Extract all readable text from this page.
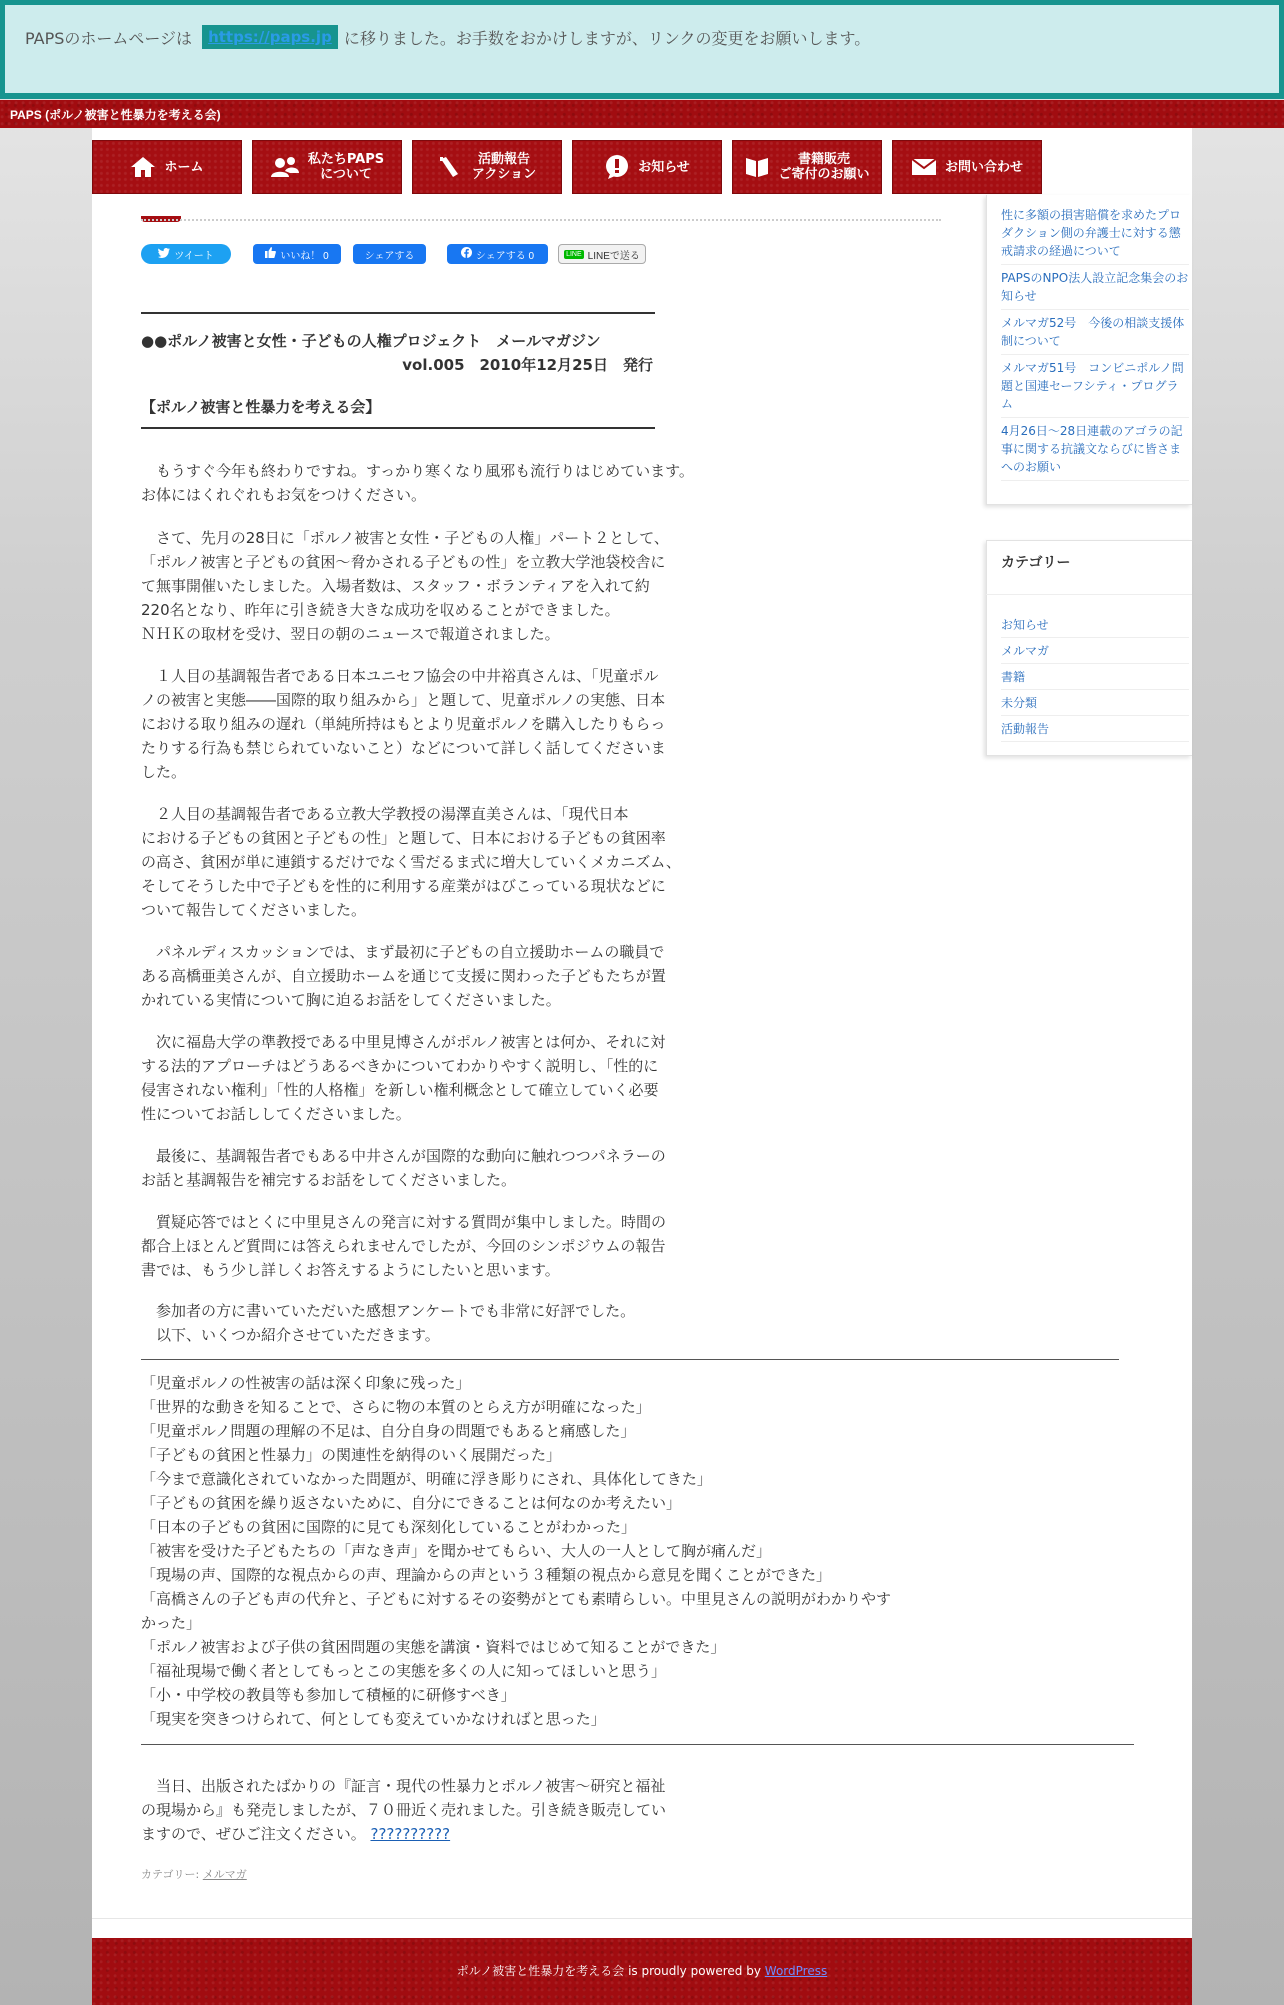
PAPSのホームページは	https://paps.jp に移りました。お手数をおかけしますが、リンクの変更をお願いします。
PAPS (ポルノ被害と性暴力を考える会)
ホーム	私たちPAPS
について
活動報告
アクション	お知らせ	書籍販売
ご寄付のお願い	お問い合わせ
ツイート	いいね！ 0	シェアする	シェアする 0	LINE LINEで送る
●●ポルノ被害と女性・子どもの人権プロジェクト　メールマガジン
vol.005　2010年12月25日　発行
【ポルノ被害と性暴力を考える会】
　もうすぐ今年も終わりですね。すっかり寒くなり風邪も流行りはじめています。
お体にはくれぐれもお気をつけください。
　さて、先月の28日に「ポルノ被害と女性・子どもの人権」パート２として、
「ポルノ被害と子どもの貧困～脅かされる子どもの性」を立教大学池袋校舎に
て無事開催いたしました。入場者数は、スタッフ・ボランティアを入れて約
220名となり、昨年に引き続き大きな成功を収めることができました。
ＮＨＫの取材を受け、翌日の朝のニュースで報道されました。
　１人目の基調報告者である日本ユニセフ協会の中井裕真さんは、「児童ポル
ノの被害と実態――国際的取り組みから」と題して、児童ポルノの実態、日本
における取り組みの遅れ（単純所持はもとより児童ポルノを購入したりもらっ
たりする行為も禁じられていないこと）などについて詳しく話してくださいま
した。
　２人目の基調報告者である立教大学教授の湯澤直美さんは、「現代日本
における子どもの貧困と子どもの性」と題して、日本における子どもの貧困率
の高さ、貧困が単に連鎖するだけでなく雪だるま式に増大していくメカニズム、
そしてそうした中で子どもを性的に利用する産業がはびこっている現状などに
ついて報告してくださいました。
　パネルディスカッションでは、まず最初に子どもの自立援助ホームの職員で
ある高橋亜美さんが、自立援助ホームを通じて支援に関わった子どもたちが置
かれている実情について胸に迫るお話をしてくださいました。
　次に福島大学の準教授である中里見博さんがポルノ被害とは何か、それに対
する法的アプローチはどうあるべきかについてわかりやすく説明し、「性的に
侵害されない権利」「性的人格権」を新しい権利概念として確立していく必要
性についてお話ししてくださいました。
　最後に、基調報告者でもある中井さんが国際的な動向に触れつつパネラーの
お話と基調報告を補完するお話をしてくださいました。
　質疑応答ではとくに中里見さんの発言に対する質問が集中しました。時間の
都合上ほとんど質問には答えられませんでしたが、今回のシンポジウムの報告
書では、もう少し詳しくお答えするようにしたいと思います。
　参加者の方に書いていただいた感想アンケートでも非常に好評でした。
　以下、いくつか紹介させていただきます。
「児童ポルノの性被害の話は深く印象に残った」
「世界的な動きを知ることで、さらに物の本質のとらえ方が明確になった」
「児童ポルノ問題の理解の不足は、自分自身の問題でもあると痛感した」
「子どもの貧困と性暴力」の関連性を納得のいく展開だった」
「今まで意識化されていなかった問題が、明確に浮き彫りにされ、具体化してきた」
「子どもの貧困を繰り返さないために、自分にできることは何なのか考えたい」
「日本の子どもの貧困に国際的に見ても深刻化していることがわかった」
「被害を受けた子どもたちの「声なき声」を聞かせてもらい、大人の一人として胸が痛んだ」
「現場の声、国際的な視点からの声、理論からの声という３種類の視点から意見を聞くことができた」
「高橋さんの子ども声の代弁と、子どもに対するその姿勢がとても素晴らしい。中里見さんの説明がわかりやす
かった」
「ポルノ被害および子供の貧困問題の実態を講演・資料ではじめて知ることができた」
「福祉現場で働く者としてもっとこの実態を多くの人に知ってほしいと思う」
「小・中学校の教員等も参加して積極的に研修すべき」
「現実を突きつけられて、何としても変えていかなければと思った」
　当日、出版されたばかりの『証言・現代の性暴力とポルノ被害～研究と福祉
の現場から』も発売しましたが、７０冊近く売れました。引き続き販売してい
ますので、ぜひご注文ください。 ??????????
カテゴリー: メルマガ
性に多額の損害賠償を求めたプロダクション側の弁護士に対する懲戒請求の経過について
PAPSのNPO法人設立記念集会のお知らせ
メルマガ52号　今後の相談支援体制について
メルマガ51号　コンビニポルノ問題と国連セーフシティ・プログラム
4月26日〜28日連載のアゴラの記事に関する抗議文ならびに皆さまへのお願い
カテゴリー
お知らせ
メルマガ
書籍
未分類
活動報告
ポルノ被害と性暴力を考える会 is proudly powered by WordPress
